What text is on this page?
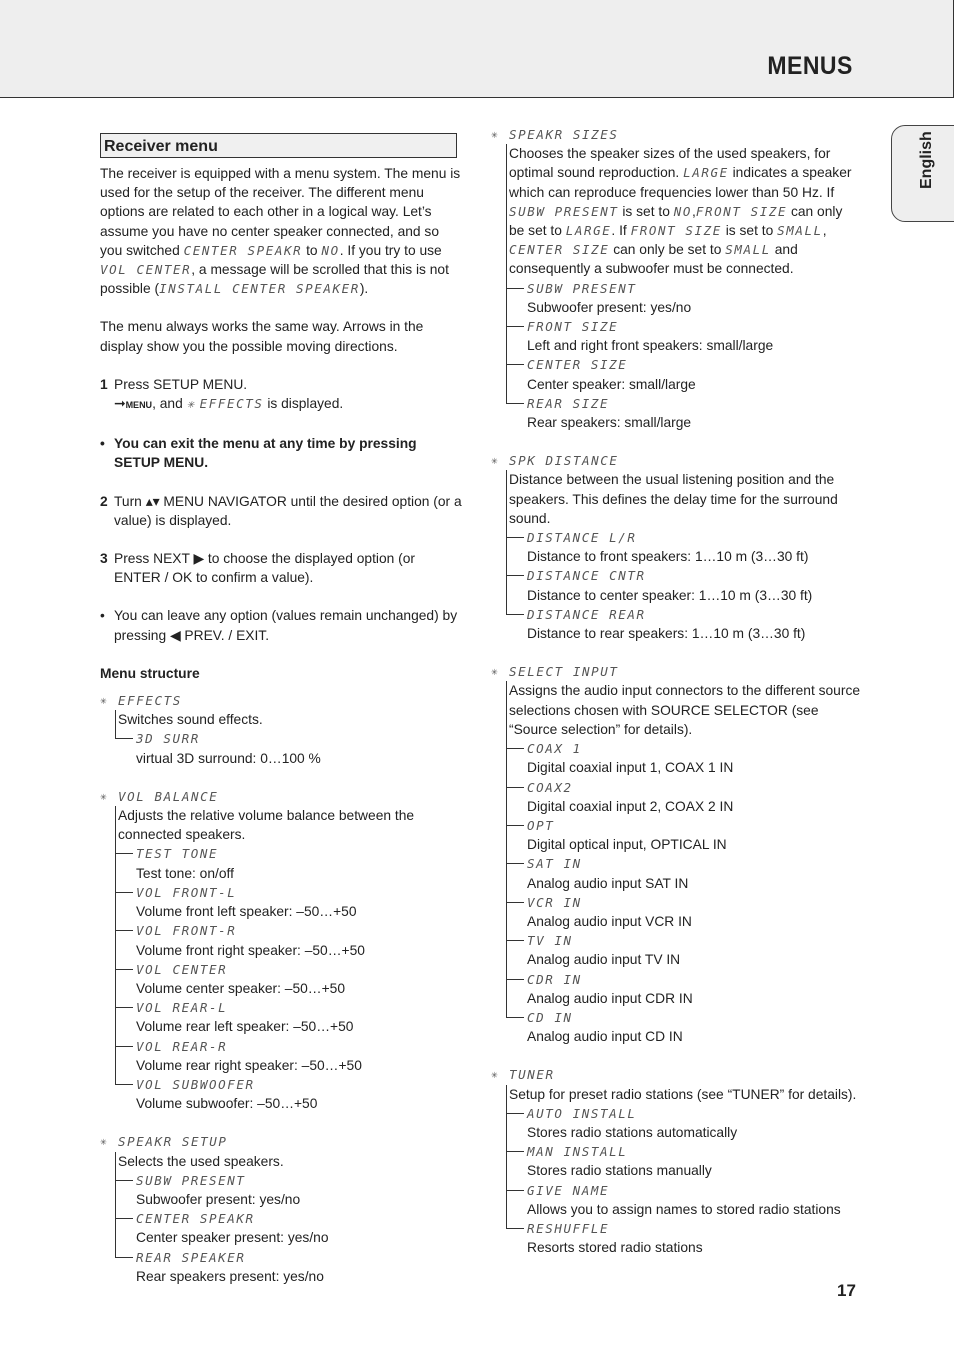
MENUS
English
Receiver menu

The receiver is equipped with a menu system. The menu is used for the setup of the receiver. The different menu options are related to each other in a logical way. Let’s assume you have no center speaker connected, and so you switched CENTER SPEAKR to NO. If you try to use VOL CENTER, a message will be scrolled that this is not possible (INSTALL CENTER SPEAKER).

The menu always works the same way. Arrows in the display show you the possible moving directions.

1 Press SETUP MENU.
➞MENU, and ✳ EFFECTS is displayed.
• You can exit the menu at any time by pressing SETUP MENU.
2 Turn ▴▾ MENU NAVIGATOR until the desired option (or a value) is displayed.
3 Press NEXT ▶ to choose the displayed option (or ENTER / OK to confirm a value).
• You can leave any option (values remain unchanged) by pressing ◀ PREV. / EXIT.
Menu structure
✳ EFFECTS

Switches sound effects.

3D SURR
virtual 3D surround: 0…100 %
✳ VOL BALANCE

Adjusts the relative volume balance between the connected speakers.

TEST TONE
Test tone: on/off
VOL FRONT-L
Volume front left speaker: –50…+50
VOL FRONT-R
Volume front right speaker: –50…+50
VOL CENTER
Volume center speaker: –50…+50
VOL REAR-L
Volume rear left speaker: –50…+50
VOL REAR-R
Volume rear right speaker: –50…+50
VOL SUBWOOFER
Volume subwoofer: –50…+50
✳ SPEAKR SETUP

Selects the used speakers.

SUBW PRESENT
Subwoofer present: yes/no
CENTER SPEAKR
Center speaker present: yes/no
REAR SPEAKER
Rear speakers present: yes/no
✳ SPEAKR SIZES

Chooses the speaker sizes of the used speakers, for optimal sound reproduction. LARGE indicates a speaker which can reproduce frequencies lower than 50 Hz. If SUBW PRESENT is set to NO,FRONT SIZE can only be set to LARGE. If FRONT SIZE is set to SMALL, CENTER SIZE can only be set to SMALL and consequently a subwoofer must be connected.

SUBW PRESENT
Subwoofer present: yes/no
FRONT SIZE
Left and right front speakers: small/large
CENTER SIZE
Center speaker: small/large
REAR SIZE
Rear speakers: small/large
✳ SPK DISTANCE

Distance between the usual listening position and the speakers. This defines the delay time for the surround sound.

DISTANCE L/R
Distance to front speakers: 1…10 m (3…30 ft)
DISTANCE CNTR
Distance to center speaker: 1…10 m (3…30 ft)
DISTANCE REAR
Distance to rear speakers: 1…10 m (3…30 ft)
✳ SELECT INPUT

Assigns the audio input connectors to the different source selections chosen with SOURCE SELECTOR (see “Source selection” for details).

COAX 1
Digital coaxial input 1, COAX 1 IN
COAX2
Digital coaxial input 2, COAX 2 IN
OPT
Digital optical input, OPTICAL IN
SAT IN
Analog audio input SAT IN
VCR IN
Analog audio input VCR IN
TV IN
Analog audio input TV IN
CDR IN
Analog audio input CDR IN
CD IN
Analog audio input CD IN
✳ TUNER

Setup for preset radio stations (see “TUNER” for details).

AUTO INSTALL
Stores radio stations automatically
MAN INSTALL
Stores radio stations manually
GIVE NAME
Allows you to assign names to stored radio stations
RESHUFFLE
Resorts stored radio stations
17
